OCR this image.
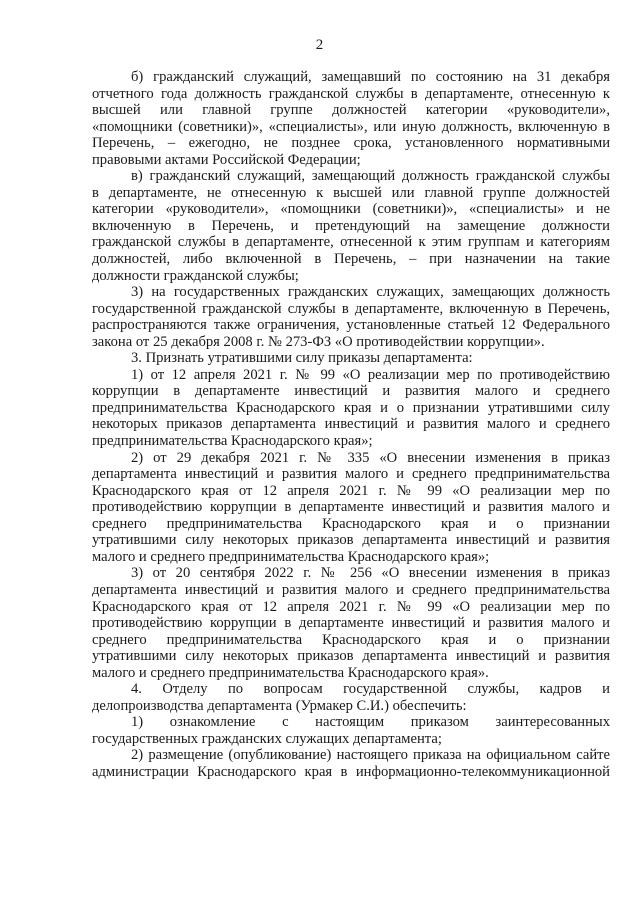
2
б) гражданский служащий, замещавший по состоянию на 31 декабря
отчетного года должность гражданской службы в департаменте, отнесенную к
высшей или главной группе должностей категории «руководители»,
«помощники (советники)», «специалисты», или иную должность, включенную в
Перечень, – ежегодно, не позднее срока, установленного нормативными
правовыми актами Российской Федерации;
в) гражданский служащий, замещающий должность гражданской службы
в департаменте, не отнесенную к высшей или главной группе должностей
категории «руководители», «помощники (советники)», «специалисты» и не
включенную в Перечень, и претендующий на замещение должности
гражданской службы в департаменте, отнесенной к этим группам и категориям
должностей, либо включенной в Перечень, – при назначении на такие
должности гражданской службы;
3) на государственных гражданских служащих, замещающих должность
государственной гражданской службы в департаменте, включенную в Перечень,
распространяются также ограничения, установленные статьей 12 Федерального
закона от 25 декабря 2008 г. № 273-ФЗ «О противодействии коррупции».
3. Признать утратившими силу приказы департамента:
1) от 12 апреля 2021 г. № 99 «О реализации мер по противодействию
коррупции в департаменте инвестиций и развития малого и среднего
предпринимательства Краснодарского края и о признании утратившими силу
некоторых приказов департамента инвестиций и развития малого и среднего
предпринимательства Краснодарского края»;
2) от 29 декабря 2021 г. № 335 «О внесении изменения в приказ
департамента инвестиций и развития малого и среднего предпринимательства
Краснодарского края от 12 апреля 2021 г. № 99 «О реализации мер по
противодействию коррупции в департаменте инвестиций и развития малого и
среднего предпринимательства Краснодарского края и о признании
утратившими силу некоторых приказов департамента инвестиций и развития
малого и среднего предпринимательства Краснодарского края»;
3) от 20 сентября 2022 г. № 256 «О внесении изменения в приказ
департамента инвестиций и развития малого и среднего предпринимательства
Краснодарского края от 12 апреля 2021 г. № 99 «О реализации мер по
противодействию коррупции в департаменте инвестиций и развития малого и
среднего предпринимательства Краснодарского края и о признании
утратившими силу некоторых приказов департамента инвестиций и развития
малого и среднего предпринимательства Краснодарского края».
4. Отделу по вопросам государственной службы, кадров и
делопроизводства департамента (Урмакер С.И.) обеспечить:
1) ознакомление с настоящим приказом заинтересованных
государственных гражданских служащих департамента;
2) размещение (опубликование) настоящего приказа на официальном сайте
администрации Краснодарского края в информационно-телекоммуникационной
